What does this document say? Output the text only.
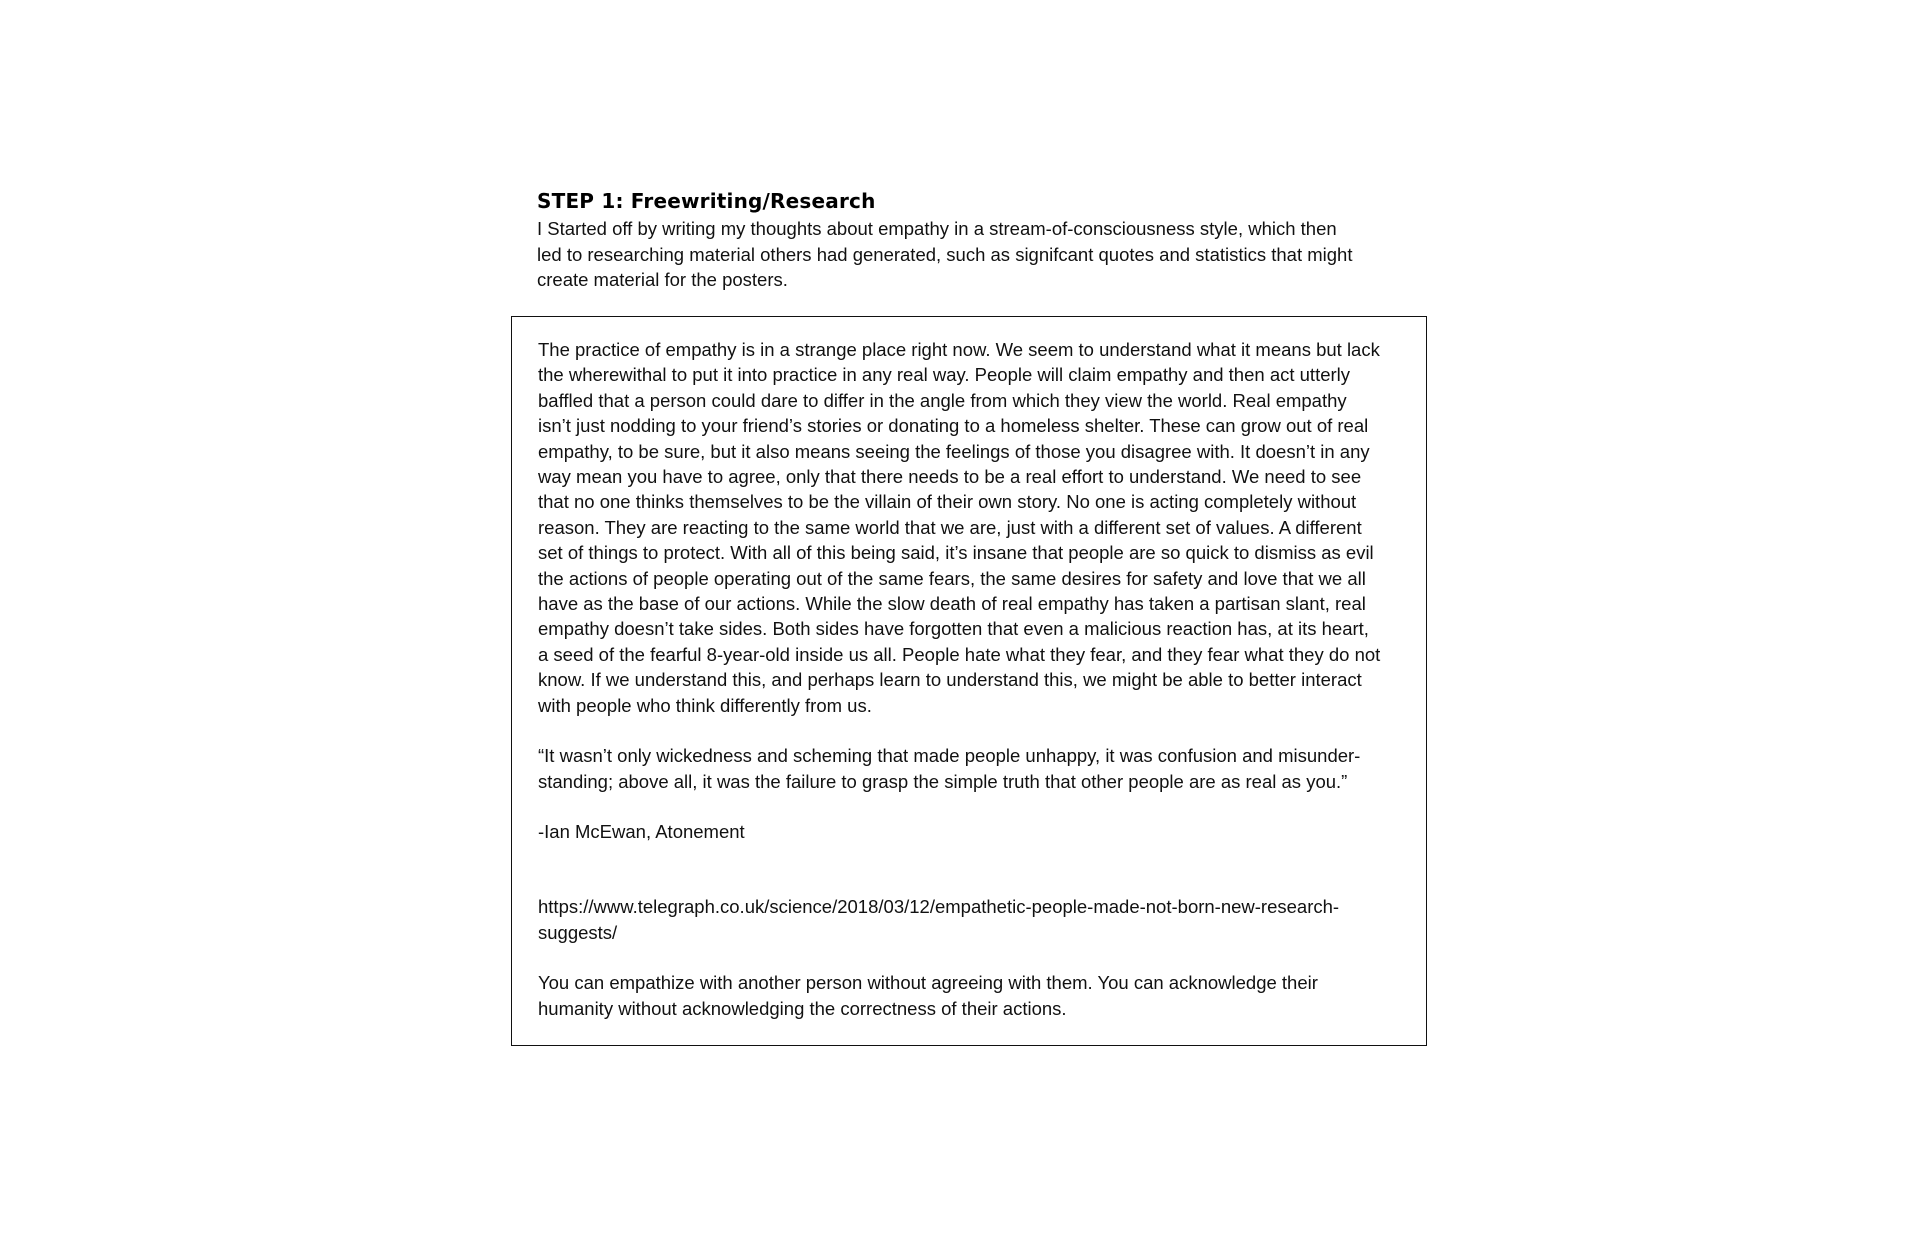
STEP 1: Freewriting/Research

I Started off by writing my thoughts about empathy in a stream-of-consciousness style, which then
led to researching material others had generated, such as signifcant quotes and statistics that might
create material for the posters.

The practice of empathy is in a strange place right now. We seem to understand what it means but lack
the wherewithal to put it into practice in any real way. People will claim empathy and then act utterly
baffled that a person could dare to differ in the angle from which they view the world. Real empathy
isn’t just nodding to your friend’s stories or donating to a homeless shelter. These can grow out of real
empathy, to be sure, but it also means seeing the feelings of those you disagree with. It doesn’t in any
way mean you have to agree, only that there needs to be a real effort to understand. We need to see
that no one thinks themselves to be the villain of their own story. No one is acting completely without
reason. They are reacting to the same world that we are, just with a different set of values. A different
set of things to protect. With all of this being said, it’s insane that people are so quick to dismiss as evil
the actions of people operating out of the same fears, the same desires for safety and love that we all
have as the base of our actions. While the slow death of real empathy has taken a partisan slant, real
empathy doesn’t take sides. Both sides have forgotten that even a malicious reaction has, at its heart,
a seed of the fearful 8-year-old inside us all. People hate what they fear, and they fear what they do not
know. If we understand this, and perhaps learn to understand this, we might be able to better interact
with people who think differently from us.

“It wasn’t only wickedness and scheming that made people unhappy, it was confusion and misunder-
standing; above all, it was the failure to grasp the simple truth that other people are as real as you.”

-Ian McEwan, Atonement

https://www.telegraph.co.uk/science/2018/03/12/empathetic-people-made-not-born-new-research-
suggests/

You can empathize with another person without agreeing with them. You can acknowledge their
humanity without acknowledging the correctness of their actions.
